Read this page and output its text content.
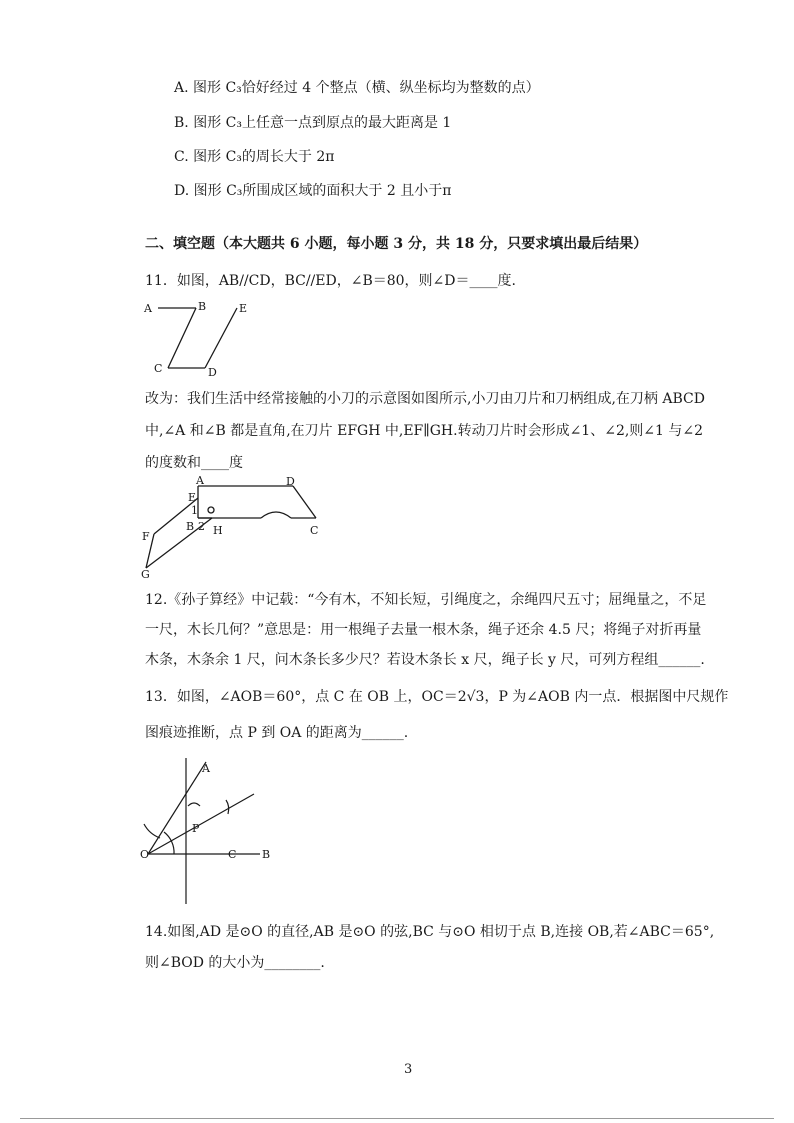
A. 图形 C₃恰好经过 4 个整点（横、纵坐标均为整数的点）
B. 图形 C₃上任意一点到原点的最大距离是 1
C. 图形 C₃的周长大于 2π
D. 图形 C₃所围成区域的面积大于 2 且小于π
二、填空题（本大题共 6 小题，每小题 3 分，共 18 分，只要求填出最后结果）
11．如图，AB//CD，BC//ED，∠B＝80，则∠D＝____度.
A	B	E
C	D
改为：我们生活中经常接触的小刀的示意图如图所示,小刀由刀片和刀柄组成,在刀柄 ABCD
中,∠A 和∠B 都是直角,在刀片 EFGH 中,EF∥GH.转动刀片时会形成∠1、∠2,则∠1 与∠2
的度数和____度
A	D
E
1
B 2 H	C
F
G
12.《孙子算经》中记载：“今有木，不知长短，引绳度之，余绳四尺五寸；屈绳量之，不足
一尺，木长几何？”意思是：用一根绳子去量一根木条，绳子还余 4.5 尺；将绳子对折再量
木条，木条余 1 尺，问木条长多少尺？若设木条长 x 尺，绳子长 y 尺，可列方程组______.
13．如图，∠AOB＝60°，点 C 在 OB 上，OC＝2√3，P 为∠AOB 内一点．根据图中尺规作
图痕迹推断，点 P 到 OA 的距离为______.
A
P
O	C B
14.如图,AD 是⊙O 的直径,AB 是⊙O 的弦,BC 与⊙O 相切于点 B,连接 OB,若∠ABC＝65°,
则∠BOD 的大小为________.
3
